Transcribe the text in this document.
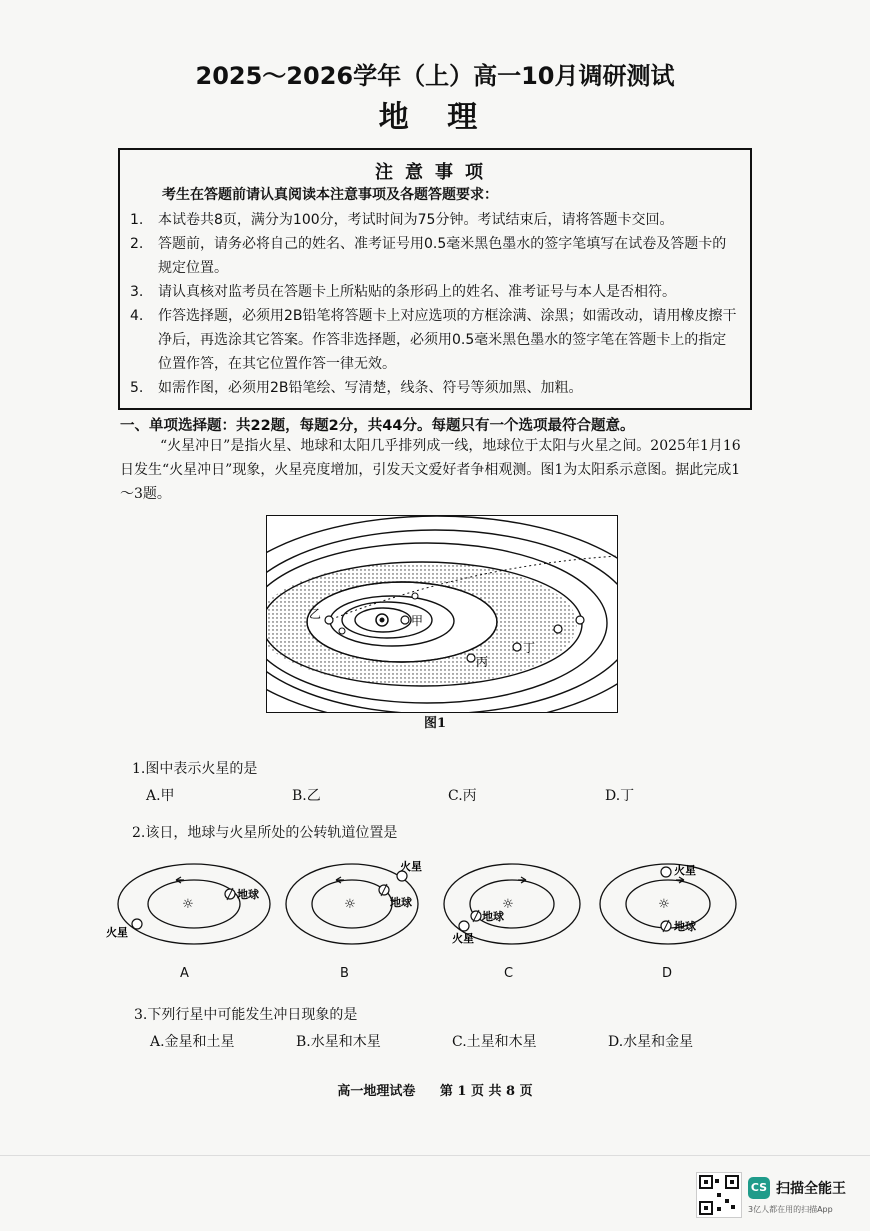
2025～2026学年（上）高一10月调研测试
地 理
注意事项
考生在答题前请认真阅读本注意事项及各题答题要求：
1.	本试卷共8页，满分为100分，考试时间为75分钟。考试结束后，请将答题卡交回。
2.	答题前，请务必将自己的姓名、准考证号用0.5毫米黑色墨水的签字笔填写在试卷及答题卡的规定位置。
3.	请认真核对监考员在答题卡上所粘贴的条形码上的姓名、准考证号与本人是否相符。
4.	作答选择题，必须用2B铅笔将答题卡上对应选项的方框涂满、涂黑；如需改动，请用橡皮擦干净后，再选涂其它答案。作答非选择题，必须用0.5毫米黑色墨水的签字笔在答题卡上的指定位置作答，在其它位置作答一律无效。
5.	如需作图，必须用2B铅笔绘、写清楚，线条、符号等须加黑、加粗。
一、单项选择题：共22题，每题2分，共44分。每题只有一个选项最符合题意。
“火星冲日”是指火星、地球和太阳几乎排列成一线，地球位于太阳与火星之间。2025年1月16日发生“火星冲日”现象，火星亮度增加，引发天文爱好者争相观测。图1为太阳系示意图。据此完成1～3题。
甲
乙
丙
丁
图1
1.图中表示火星的是
A.甲	B.乙	C.丙	D.丁
2.该日，地球与火星所处的公转轨道位置是
☼
地球
火星
A
☼	地球
火星
B
☼
地球
火星
C
☼
地球
火星
D
3.下列行星中可能发生冲日现象的是
A.金星和土星	B.水星和木星	C.土星和木星	D.水星和金星
高一地理试卷 第 1 页 共 8 页
CS 扫描全能王
3亿人都在用的扫描App
